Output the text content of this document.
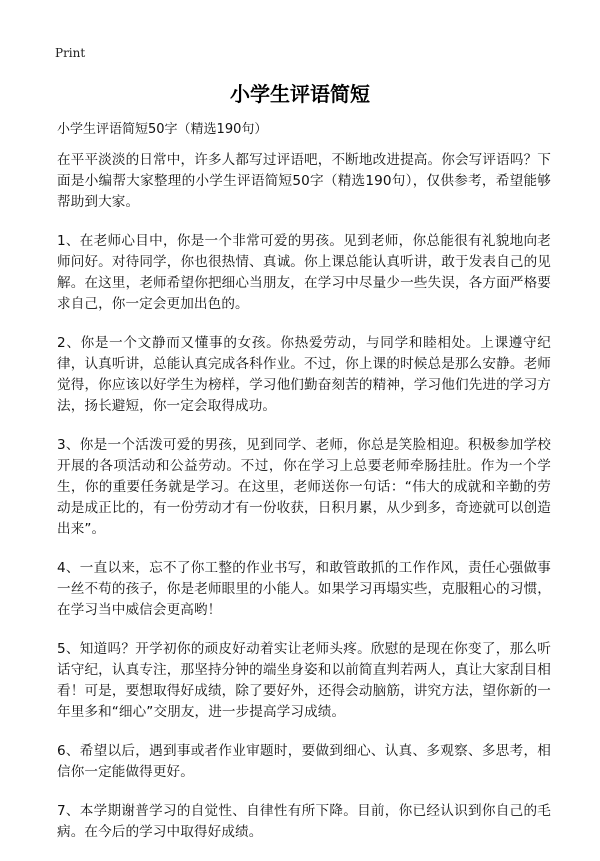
Print
小学生评语简短
小学生评语简短50字（精选190句）

在平平淡淡的日常中，许多人都写过评语吧，不断地改进提高。你会写评语吗？下面是小编帮大家整理的小学生评语简短50字（精选190句），仅供参考，希望能够帮助到大家。

1、在老师心目中，你是一个非常可爱的男孩。见到老师，你总能很有礼貌地向老师问好。对待同学，你也很热情、真诚。你上课总能认真听讲，敢于发表自己的见解。在这里，老师希望你把细心当朋友，在学习中尽量少一些失误，各方面严格要求自己，你一定会更加出色的。

2、你是一个文静而又懂事的女孩。你热爱劳动，与同学和睦相处。上课遵守纪律，认真听讲，总能认真完成各科作业。不过，你上课的时候总是那么安静。老师觉得，你应该以好学生为榜样，学习他们勤奋刻苦的精神，学习他们先进的学习方法，扬长避短，你一定会取得成功。

3、你是一个活泼可爱的男孩，见到同学、老师，你总是笑脸相迎。积极参加学校开展的各项活动和公益劳动。不过，你在学习上总要老师牵肠挂肚。作为一个学生，你的重要任务就是学习。在这里，老师送你一句话：“伟大的成就和辛勤的劳动是成正比的，有一份劳动才有一份收获，日积月累，从少到多，奇迹就可以创造出来”。

4、一直以来，忘不了你工整的作业书写，和敢管敢抓的工作作风，责任心强做事一丝不苟的孩子，你是老师眼里的小能人。如果学习再塌实些，克服粗心的习惯，在学习当中威信会更高哟！

5、知道吗？开学初你的顽皮好动着实让老师头疼。欣慰的是现在你变了，那么听话守纪，认真专注，那坚持分钟的端坐身姿和以前简直判若两人，真让大家刮目相看！可是，要想取得好成绩，除了要好外，还得会动脑筋，讲究方法，望你新的一年里多和“细心”交朋友，进一步提高学习成绩。

6、希望以后，遇到事或者作业审题时，要做到细心、认真、多观察、多思考，相信你一定能做得更好。

7、本学期谢普学习的自觉性、自律性有所下降。目前，你已经认识到你自己的毛病。在今后的学习中取得好成绩。
